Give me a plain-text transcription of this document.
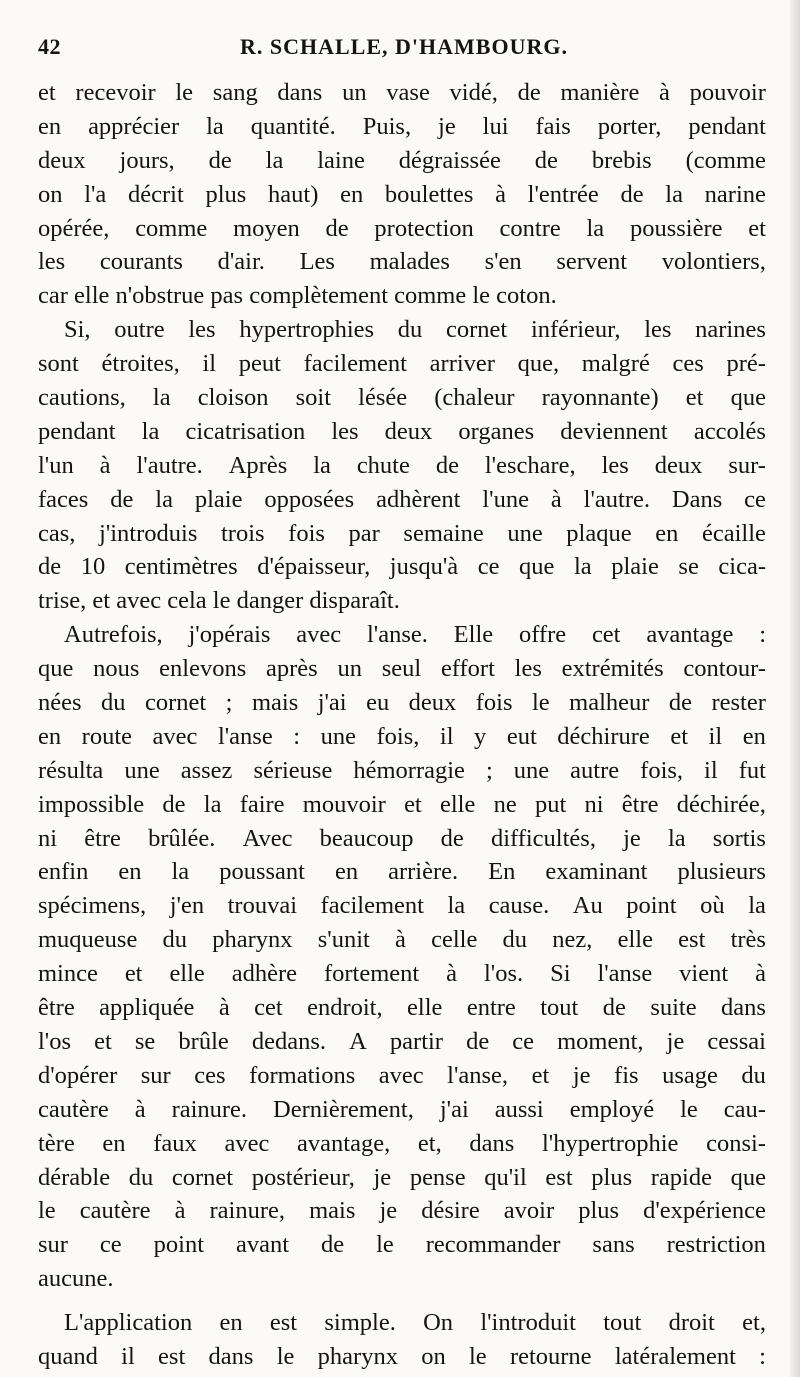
42	R. SCHALLE, D'HAMBOURG.
et recevoir le sang dans un vase vidé, de manière à pouvoir
en apprécier la quantité. Puis, je lui fais porter, pendant
deux jours, de la laine dégraissée de brebis (comme
on l'a décrit plus haut) en boulettes à l'entrée de la narine
opérée, comme moyen de protection contre la poussière et
les courants d'air. Les malades s'en servent volontiers,
car elle n'obstrue pas complètement comme le coton.
Si, outre les hypertrophies du cornet inférieur, les narines
sont étroites, il peut facilement arriver que, malgré ces pré-
cautions, la cloison soit lésée (chaleur rayonnante) et que
pendant la cicatrisation les deux organes deviennent accolés
l'un à l'autre. Après la chute de l'eschare, les deux sur-
faces de la plaie opposées adhèrent l'une à l'autre. Dans ce
cas, j'introduis trois fois par semaine une plaque en écaille
de 10 centimètres d'épaisseur, jusqu'à ce que la plaie se cica-
trise, et avec cela le danger disparaît.
Autrefois, j'opérais avec l'anse. Elle offre cet avantage :
que nous enlevons après un seul effort les extrémités contour-
nées du cornet ; mais j'ai eu deux fois le malheur de rester
en route avec l'anse : une fois, il y eut déchirure et il en
résulta une assez sérieuse hémorragie ; une autre fois, il fut
impossible de la faire mouvoir et elle ne put ni être déchirée,
ni être brûlée. Avec beaucoup de difficultés, je la sortis
enfin en la poussant en arrière. En examinant plusieurs
spécimens, j'en trouvai facilement la cause. Au point où la
muqueuse du pharynx s'unit à celle du nez, elle est très
mince et elle adhère fortement à l'os. Si l'anse vient à
être appliquée à cet endroit, elle entre tout de suite dans
l'os et se brûle dedans. A partir de ce moment, je cessai
d'opérer sur ces formations avec l'anse, et je fis usage du
cautère à rainure. Dernièrement, j'ai aussi employé le cau-
tère en faux avec avantage, et, dans l'hypertrophie consi-
dérable du cornet postérieur, je pense qu'il est plus rapide que
le cautère à rainure, mais je désire avoir plus d'expérience
sur ce point avant de le recommander sans restriction
aucune.
L'application en est simple. On l'introduit tout droit et,
quand il est dans le pharynx on le retourne latéralement :
